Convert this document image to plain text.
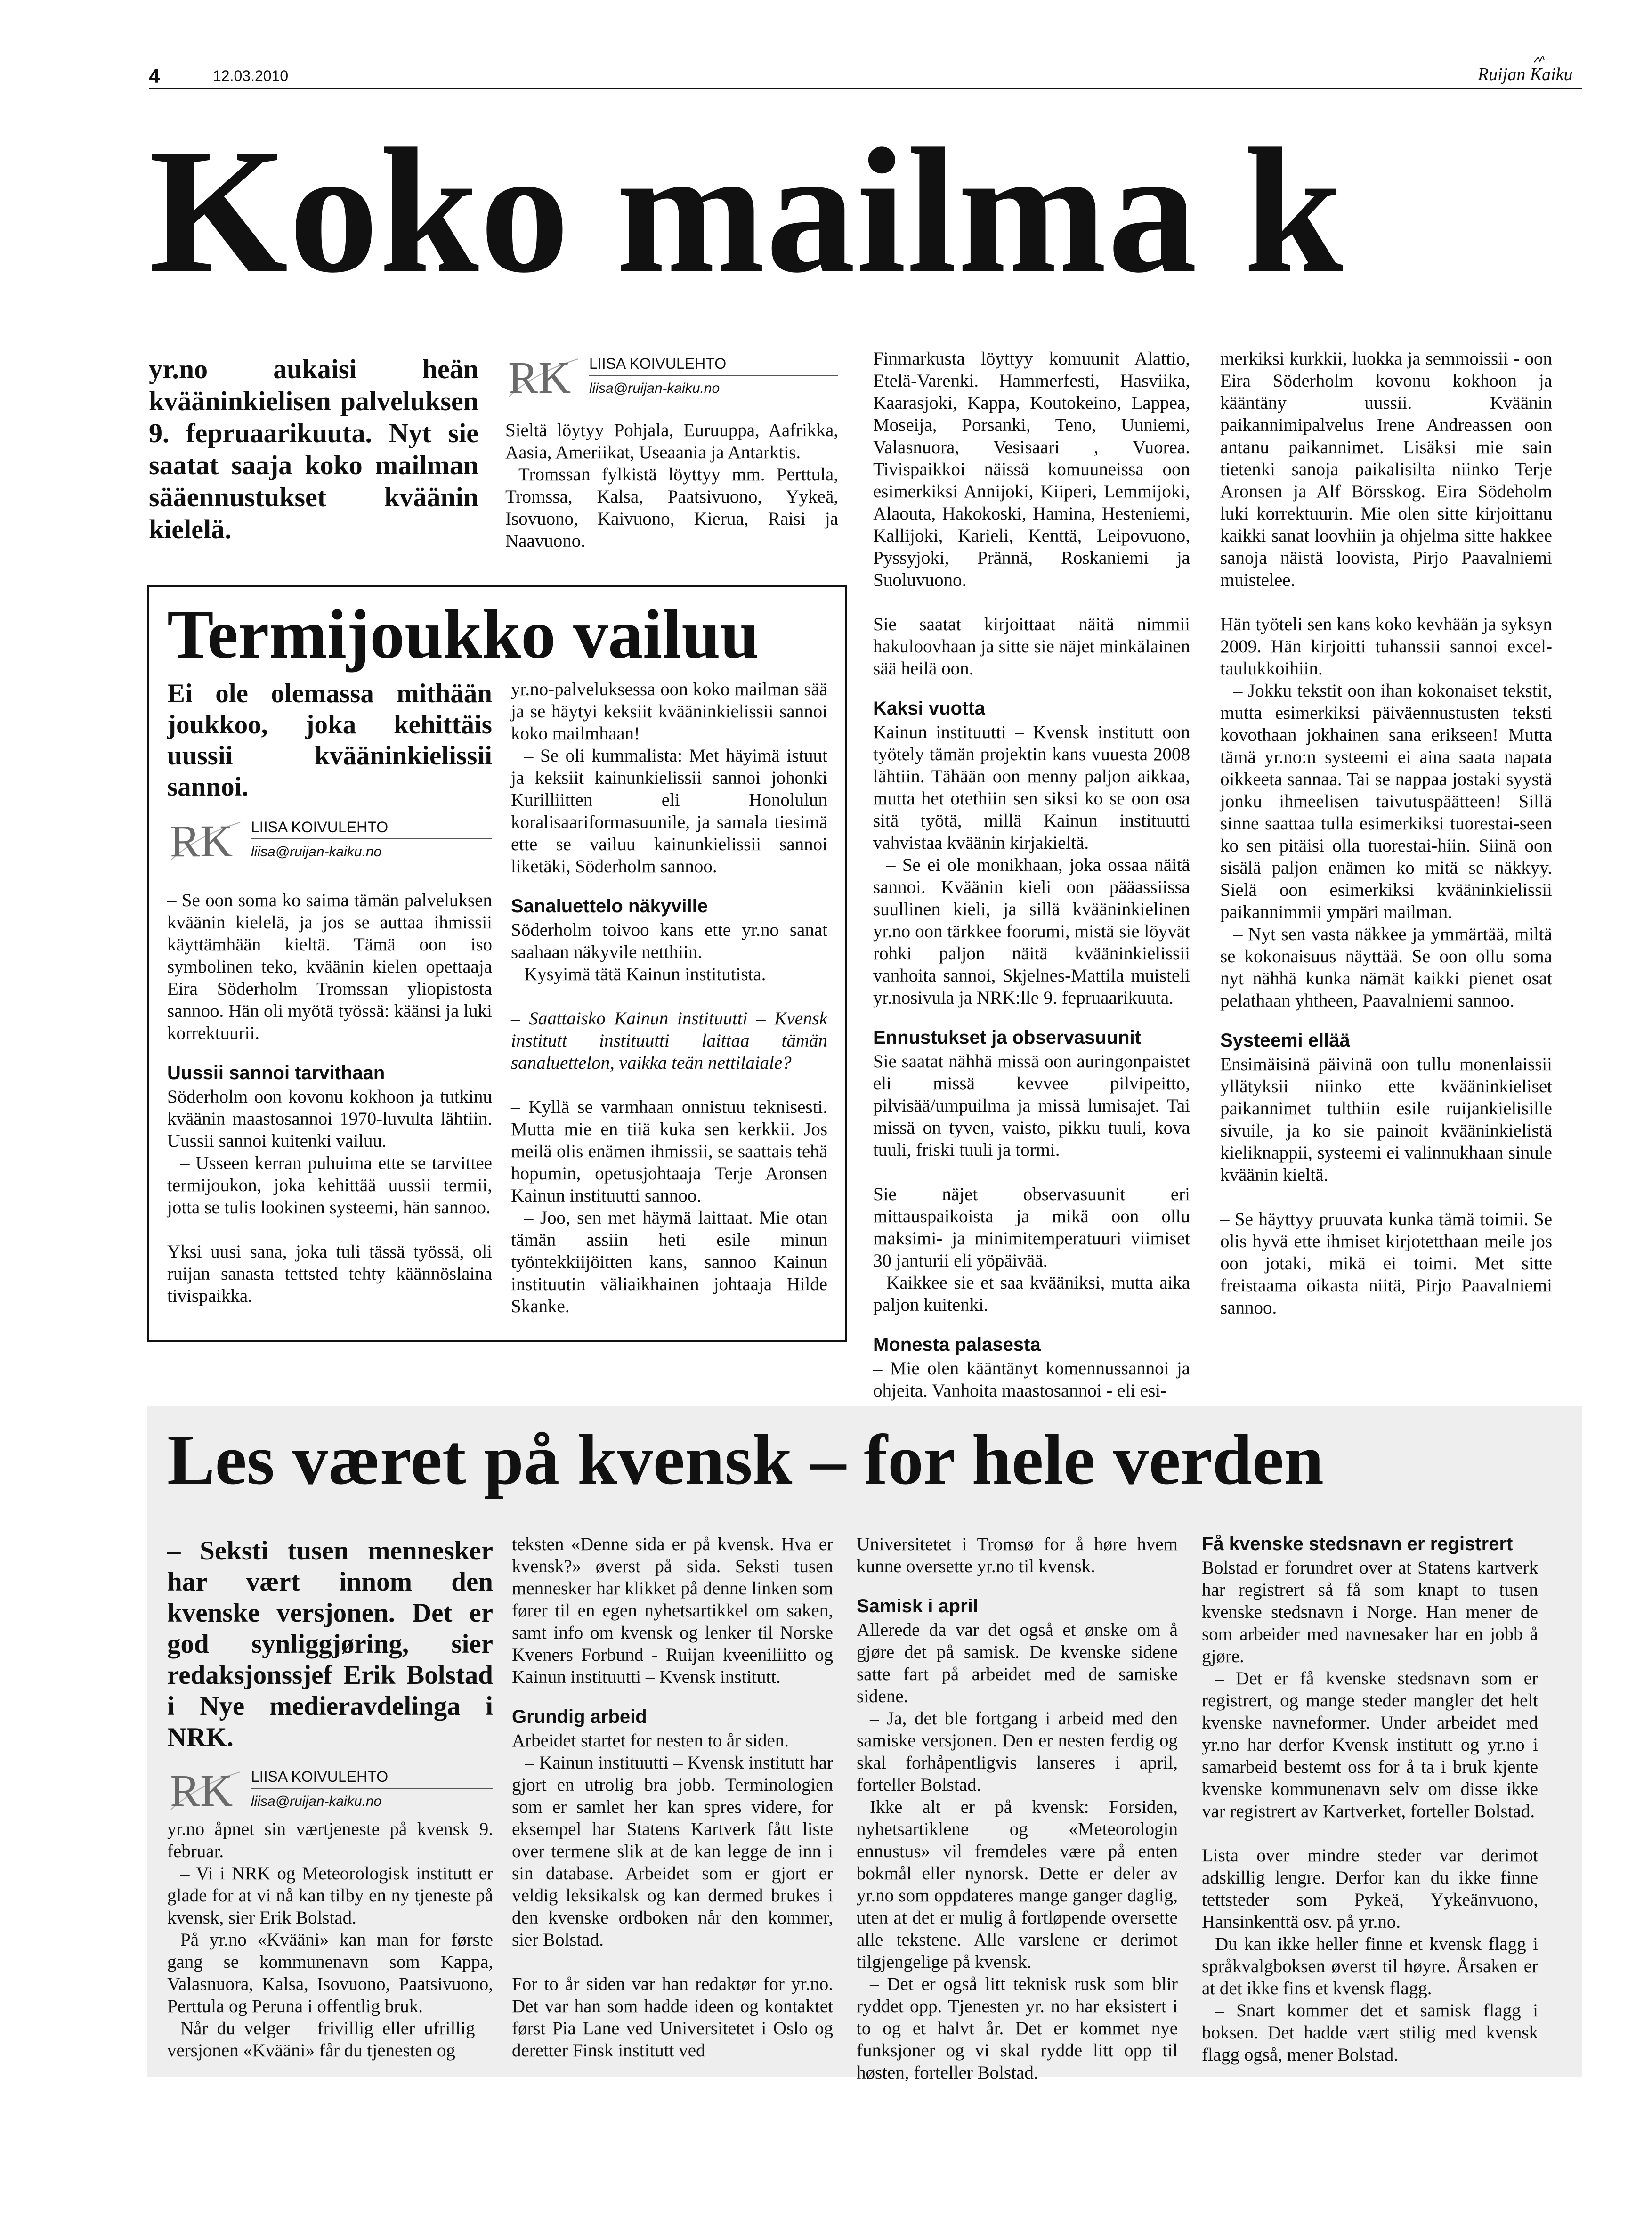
4	12.03.2010	Ruijan Kaiku
Koko mailma k
yr.no aukaisi heän kvääninkielisen palveluksen 9. fepruaarikuuta. Nyt sie saatat saaja koko mailman sääennustukset kväänin kielelä.
RK LIISA KOIVULEHTO
liisa@ruijan-kaiku.no

Sieltä löytyy Pohjala, Euruuppa, Aafrikka, Aasia, Ameriikat, Useaania ja Antarktis.

Tromssan fylkistä löyttyy mm. Perttula, Tromssa, Kalsa, Paatsivuono, Yykeä, Isovuono, Kaivuono, Kierua, Raisi ja Naavuono.

Finmarkusta löyttyy komuunit Alattio, Etelä-Varenki. Hammerfesti, Hasviika, Kaarasjoki, Kappa, Koutokeino, Lappea, Moseija, Porsanki, Teno, Uuniemi, Valasnuora, Vesisaari , Vuorea. Tivispaikkoi näissä komuuneissa oon esimerkiksi Annijoki, Kiiperi, Lemmijoki, Alaouta, Hakokoski, Hamina, Hesteniemi, Kallijoki, Karieli, Kenttä, Leipovuono, Pyssyjoki, Prännä, Roskaniemi ja Suoluvuono.

Sie saatat kirjoittaat näitä nimmii hakuloovhaan ja sitte sie näjet minkälainen sää heilä oon.

Kaksi vuotta

Kainun instituutti – Kvensk institutt oon työtely tämän projektin kans vuuesta 2008 lähtiin. Tähään oon menny paljon aikkaa, mutta het otethiin sen siksi ko se oon osa sitä työtä, millä Kainun instituutti vahvistaa kväänin kirjakieltä.

– Se ei ole monikhaan, joka ossaa näitä sannoi. Kväänin kieli oon pääassiissa suullinen kieli, ja sillä kvääninkielinen yr.no oon tärkkee foorumi, mistä sie löyvät rohki paljon näitä kvääninkielissii vanhoita sannoi, Skjelnes-Mattila muisteli yr.nosivula ja NRK:lle 9. fepruaarikuuta.

Ennustukset ja observasuunit

Sie saatat nähhä missä oon auringonpaistet eli missä kevvee pilvipeitto, pilvisää/umpuilma ja missä lumisajet. Tai missä on tyven, vaisto, pikku tuuli, kova tuuli, friski tuuli ja tormi.

Sie näjet observasuunit eri mittauspaikoista ja mikä oon ollu maksimi- ja minimitemperatuuri viimiset 30 janturii eli yöpäivää.

Kaikkee sie et saa kvääniksi, mutta aika paljon kuitenki.

Monesta palasesta

– Mie olen kääntänyt komennussannoi ja ohjeita. Vanhoita maastosannoi - eli esi-

merkiksi kurkkii, luokka ja semmoissii - oon Eira Söderholm kovonu kokhoon ja kääntäny uussii. Kväänin paikannimipalvelus Irene Andreassen oon antanu paikannimet. Lisäksi mie sain tietenki sanoja paikalisilta niinko Terje Aronsen ja Alf Börsskog. Eira Södeholm luki korrektuurin. Mie olen sitte kirjoittanu kaikki sanat loovhiin ja ohjelma sitte hakkee sanoja näistä loovista, Pirjo Paavalniemi muistelee.

Hän työteli sen kans koko kevhään ja syksyn 2009. Hän kirjoitti tuhanssii sannoi excel-taulukkoihiin.

– Jokku tekstit oon ihan kokonaiset tekstit, mutta esimerkiksi päiväennustusten teksti kovothaan jokhainen sana erikseen! Mutta tämä yr.no:n systeemi ei aina saata napata oikkeeta sannaa. Tai se nappaa jostaki syystä jonku ihmeelisen taivutuspäätteen! Sillä sinne saattaa tulla esimerkiksi tuorestai-seen ko sen pitäisi olla tuorestai-hiin. Siinä oon sisälä paljon enämen ko mitä se näkkyy. Sielä oon esimerkiksi kvääninkielissii paikannimmii ympäri mailman.

– Nyt sen vasta näkkee ja ymmärtää, miltä se kokonaisuus näyttää. Se oon ollu soma nyt nähhä kunka nämät kaikki pienet osat pelathaan yhtheen, Paavalniemi sannoo.

Systeemi ellää

Ensimäisinä päivinä oon tullu monenlaissii yllätyksii niinko ette kvääninkieliset paikannimet tulthiin esile ruijankielisille sivuile, ja ko sie painoit kvääninkielistä kieliknappii, systeemi ei valinnukhaan sinule kväänin kieltä.

– Se häyttyy pruuvata kunka tämä toimii. Se olis hyvä ette ihmiset kirjotetthaan meile jos oon jotaki, mikä ei toimi. Met sitte freistaama oikasta niitä, Pirjo Paavalniemi sannoo.

Termijoukko vailuu
Ei ole olemassa mithään joukkoo, joka kehittäis uussii kvääninkielissii sannoi.
RK LIISA KOIVULEHTO
liisa@ruijan-kaiku.no

– Se oon soma ko saima tämän palveluksen kväänin kielelä, ja jos se auttaa ihmissii käyttämhään kieltä. Tämä oon iso symbolinen teko, kväänin kielen opettaaja Eira Söderholm Tromssan yliopistosta sannoo. Hän oli myötä työssä: käänsi ja luki korrektuurii.

Uussii sannoi tarvithaan

Söderholm oon kovonu kokhoon ja tutkinu kväänin maastosannoi 1970-luvulta lähtiin. Uussii sannoi kuitenki vailuu.

– Usseen kerran puhuima ette se tarvittee termijoukon, joka kehittää uussii termii, jotta se tulis lookinen systeemi, hän sannoo.

Yksi uusi sana, joka tuli tässä työssä, oli ruijan sanasta tettsted tehty käännöslaina tivispaikka.

yr.no-palveluksessa oon koko mailman sää ja se häytyi keksiit kvääninkielissii sannoi koko mailmhaan!

– Se oli kummalista: Met häyimä istuut ja keksiit kainunkielissii sannoi johonki Kurilliitten eli Honolulun koralisaariformasuunile, ja samala tiesimä ette se vailuu kainunkielissii sannoi liketäki, Söderholm sannoo.

Sanaluettelo näkyville

Söderholm toivoo kans ette yr.no sanat saahaan näkyvile netthiin.

Kysyimä tätä Kainun institutista.

– Saattaisko Kainun instituutti – Kvensk institutt instituutti laittaa tämän sanaluettelon, vaikka teän nettilaiale?

– Kyllä se varmhaan onnistuu teknisesti. Mutta mie en tiiä kuka sen kerkkii. Jos meilä olis enämen ihmissii, se saattais tehä hopumin, opetusjohtaaja Terje Aronsen Kainun instituutti sannoo.

– Joo, sen met häymä laittaat. Mie otan tämän assiin heti esile minun työntekkiijöitten kans, sannoo Kainun instituutin väliaikhainen johtaaja Hilde Skanke.

Les været på kvensk – for hele verden
– Seksti tusen mennesker har vært innom den kvenske versjonen. Det er god synliggjøring, sier redaksjonssjef Erik Bolstad i Nye medieravdelinga i NRK.
RK LIISA KOIVULEHTO
liisa@ruijan-kaiku.no

yr.no åpnet sin værtjeneste på kvensk 9. februar.

– Vi i NRK og Meteorologisk institutt er glade for at vi nå kan tilby en ny tjeneste på kvensk, sier Erik Bolstad.

På yr.no «Kvääni» kan man for første gang se kommunenavn som Kappa, Valasnuora, Kalsa, Isovuono, Paatsivuono, Perttula og Peruna i offentlig bruk.

Når du velger – frivillig eller ufrillig – versjonen «Kvääni» får du tjenesten og

teksten «Denne sida er på kvensk. Hva er kvensk?» øverst på sida. Seksti tusen mennesker har klikket på denne linken som fører til en egen nyhetsartikkel om saken, samt info om kvensk og lenker til Norske Kveners Forbund - Ruijan kveeniliitto og Kainun instituutti – Kvensk institutt.

Grundig arbeid

Arbeidet startet for nesten to år siden.

– Kainun instituutti – Kvensk institutt har gjort en utrolig bra jobb. Terminologien som er samlet her kan spres videre, for eksempel har Statens Kartverk fått liste over termene slik at de kan legge de inn i sin database. Arbeidet som er gjort er veldig leksikalsk og kan dermed brukes i den kvenske ordboken når den kommer, sier Bolstad.

For to år siden var han redaktør for yr.no. Det var han som hadde ideen og kontaktet først Pia Lane ved Universitetet i Oslo og deretter Finsk institutt ved

Universitetet i Tromsø for å høre hvem kunne oversette yr.no til kvensk.

Samisk i april

Allerede da var det også et ønske om å gjøre det på samisk. De kvenske sidene satte fart på arbeidet med de samiske sidene.

– Ja, det ble fortgang i arbeid med den samiske versjonen. Den er nesten ferdig og skal forhåpentligvis lanseres i april, forteller Bolstad.

Ikke alt er på kvensk: Forsiden, nyhetsartiklene og «Meteorologin ennustus» vil fremdeles være på enten bokmål eller nynorsk. Dette er deler av yr.no som oppdateres mange ganger daglig, uten at det er mulig å fortløpende oversette alle tekstene. Alle varslene er derimot tilgjengelige på kvensk.

– Det er også litt teknisk rusk som blir ryddet opp. Tjenesten yr. no har eksistert i to og et halvt år. Det er kommet nye funksjoner og vi skal rydde litt opp til høsten, forteller Bolstad.

Få kvenske stedsnavn er registrert

Bolstad er forundret over at Statens kartverk har registrert så få som knapt to tusen kvenske stedsnavn i Norge. Han mener de som arbeider med navnesaker har en jobb å gjøre.

– Det er få kvenske stedsnavn som er registrert, og mange steder mangler det helt kvenske navneformer. Under arbeidet med yr.no har derfor Kvensk institutt og yr.no i samarbeid bestemt oss for å ta i bruk kjente kvenske kommunenavn selv om disse ikke var registrert av Kartverket, forteller Bolstad.

Lista over mindre steder var derimot adskillig lengre. Derfor kan du ikke finne tettsteder som Pykeä, Yykeänvuono, Hansinkenttä osv. på yr.no.

Du kan ikke heller finne et kvensk flagg i språkvalgboksen øverst til høyre. Årsaken er at det ikke fins et kvensk flagg.

– Snart kommer det et samisk flagg i boksen. Det hadde vært stilig med kvensk flagg også, mener Bolstad.
